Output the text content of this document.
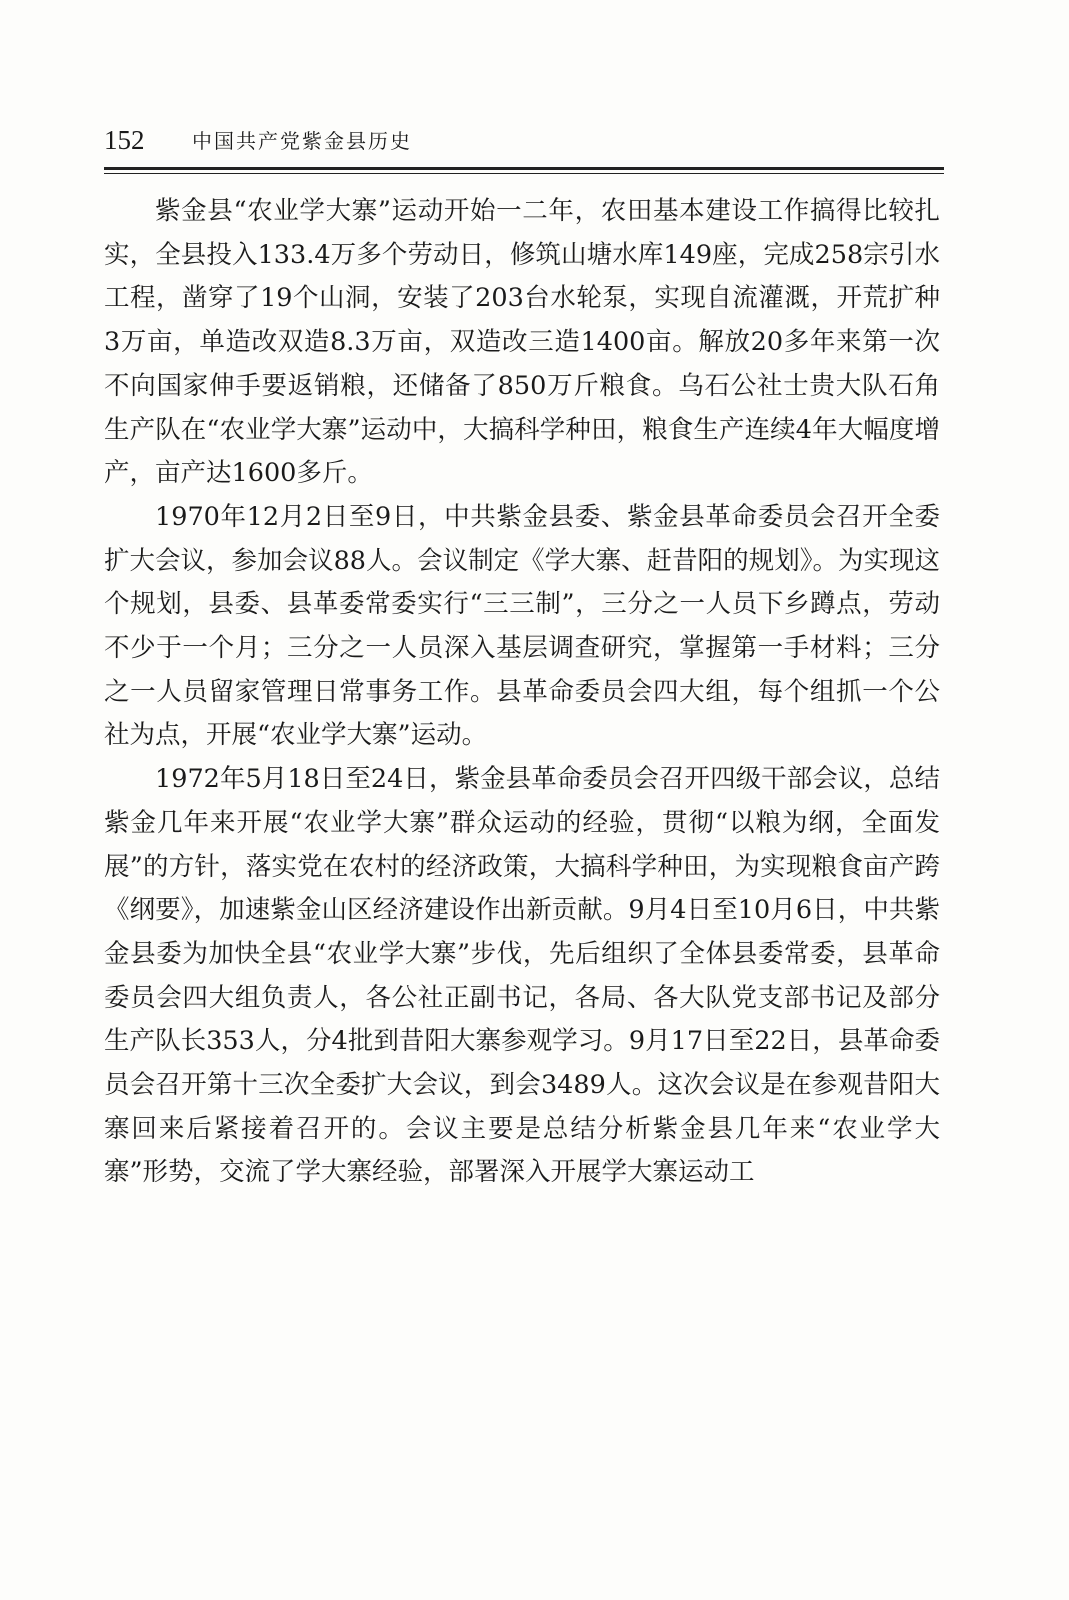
152 中国共产党紫金县历史

紫金县“农业学大寨”运动开始一二年，农田基本建设工作搞得比较扎实，全县投入133.4万多个劳动日，修筑山塘水库149座，完成258宗引水工程，凿穿了19个山洞，安装了203台水轮泵，实现自流灌溉，开荒扩种3万亩，单造改双造8.3万亩，双造改三造1400亩。解放20多年来第一次不向国家伸手要返销粮，还储备了850万斤粮食。乌石公社士贵大队石角生产队在“农业学大寨”运动中，大搞科学种田，粮食生产连续4年大幅度增产，亩产达1600多斤。

1970年12月2日至9日，中共紫金县委、紫金县革命委员会召开全委扩大会议，参加会议88人。会议制定《学大寨、赶昔阳的规划》。为实现这个规划，县委、县革委常委实行“三三制”，三分之一人员下乡蹲点，劳动不少于一个月；三分之一人员深入基层调查研究，掌握第一手材料；三分之一人员留家管理日常事务工作。县革命委员会四大组，每个组抓一个公社为点，开展“农业学大寨”运动。

1972年5月18日至24日，紫金县革命委员会召开四级干部会议，总结紫金几年来开展“农业学大寨”群众运动的经验，贯彻“以粮为纲，全面发展”的方针，落实党在农村的经济政策，大搞科学种田，为实现粮食亩产跨《纲要》，加速紫金山区经济建设作出新贡献。9月4日至10月6日，中共紫金县委为加快全县“农业学大寨”步伐，先后组织了全体县委常委，县革命委员会四大组负责人，各公社正副书记，各局、各大队党支部书记及部分生产队长353人，分4批到昔阳大寨参观学习。9月17日至22日，县革命委员会召开第十三次全委扩大会议，到会3489人。这次会议是在参观昔阳大寨回来后紧接着召开的。会议主要是总结分析紫金县几年来“农业学大寨”形势，交流了学大寨经验，部署深入开展学大寨运动工
